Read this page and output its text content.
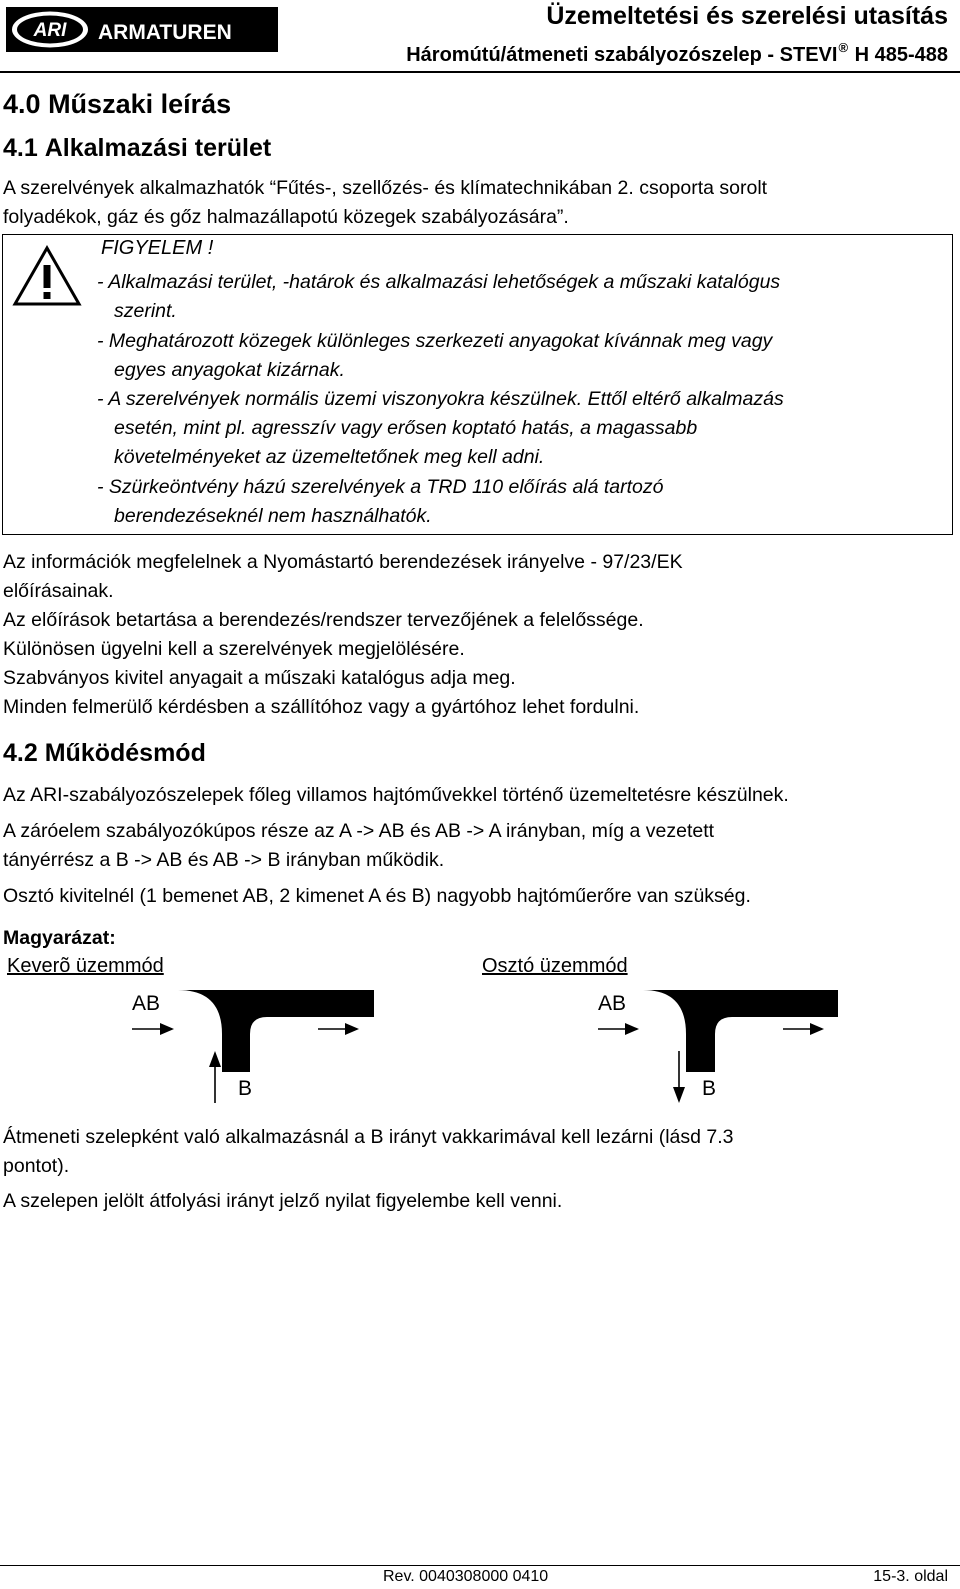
ARI ARMATUREN
Üzemeltetési és szerelési utasítás
Háromútú/átmeneti szabályozószelep - STEVI® H 485-488
4.0 Műszaki leírás
4.1 Alkalmazási terület
A szerelvények alkalmazhatók “Fűtés-, szellőzés- és klímatechnikában 2. csoporta sorolt
folyadékok, gáz és gőz halmazállapotú közegek szabályozására”.
FIGYELEM !
- Alkalmazási terület, -határok és alkalmazási lehetőségek a műszaki katalógus
szerint.
- Meghatározott közegek különleges szerkezeti anyagokat kívánnak meg vagy
egyes anyagokat kizárnak.
- A szerelvények normális üzemi viszonyokra készülnek. Ettől eltérő alkalmazás
esetén, mint pl. agresszív vagy erősen koptató hatás, a magassabb
követelményeket az üzemeltetőnek meg kell adni.
- Szürkeöntvény házú szerelvények a TRD 110 előírás alá tartozó
berendezéseknél nem használhatók.
Az információk megfelelnek a Nyomástartó berendezések irányelve - 97/23/EK
előírásainak.
Az előírások betartása a berendezés/rendszer tervezőjének a felelőssége.
Különösen ügyelni kell a szerelvények megjelölésére.
Szabványos kivitel anyagait a műszaki katalógus adja meg.
Minden felmerülő kérdésben a szállítóhoz vagy a gyártóhoz lehet fordulni.
4.2 Működésmód
Az ARI-szabályozószelepek főleg villamos hajtóművekkel történő üzemeltetésre készülnek.
A záróelem szabályozókúpos része az A -> AB és AB -> A irányban, míg a vezetett
tányérrész a B -> AB és AB -> B irányban működik.
Osztó kivitelnél (1 bemenet AB, 2 kimenet A és B) nagyobb hajtóműerőre van szükség.
Magyarázat:
Keverõ üzemmód	Osztó üzemmód
AB
B
AB
B
Átmeneti szelepként való alkalmazásnál a B irányt vakkarimával kell lezárni (lásd 7.3
pontot).
A szelepen jelölt átfolyási irányt jelző nyilat figyelembe kell venni.
Rev. 0040308000 0410	15-3. oldal
